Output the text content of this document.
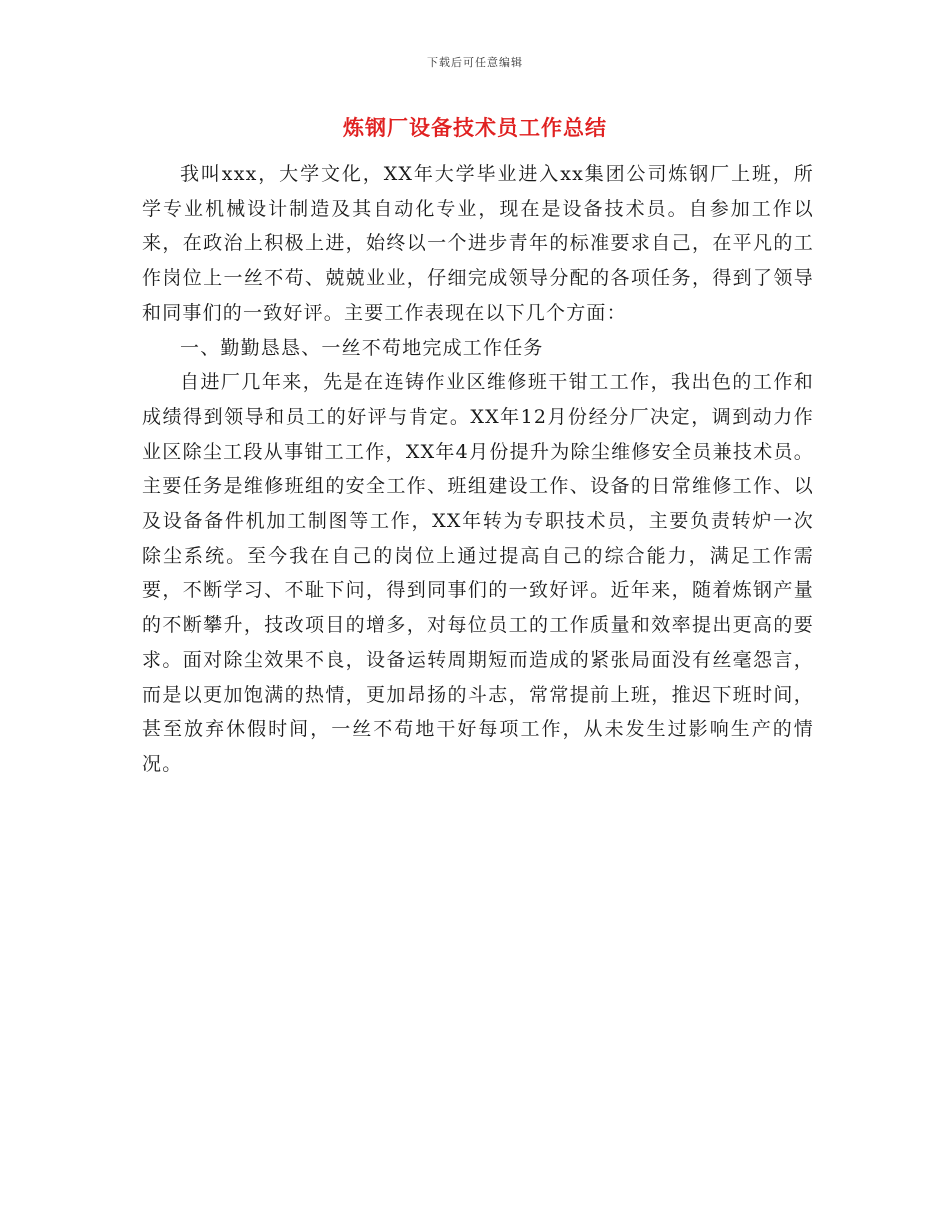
下载后可任意编辑
炼钢厂设备技术员工作总结

我叫xxx，大学文化，XX年大学毕业进入xx集团公司炼钢厂上班，所学专业机械设计制造及其自动化专业，现在是设备技术员。自参加工作以来，在政治上积极上进，始终以一个进步青年的标准要求自己，在平凡的工作岗位上一丝不苟、兢兢业业，仔细完成领导分配的各项任务，得到了领导和同事们的一致好评。主要工作表现在以下几个方面：

一、勤勤恳恳、一丝不苟地完成工作任务

自进厂几年来，先是在连铸作业区维修班干钳工工作，我出色的工作和成绩得到领导和员工的好评与肯定。XX年12月份经分厂决定，调到动力作业区除尘工段从事钳工工作，XX年4月份提升为除尘维修安全员兼技术员。主要任务是维修班组的安全工作、班组建设工作、设备的日常维修工作、以及设备备件机加工制图等工作，XX年转为专职技术员，主要负责转炉一次除尘系统。至今我在自己的岗位上通过提高自己的综合能力，满足工作需要，不断学习、不耻下问，得到同事们的一致好评。近年来，随着炼钢产量的不断攀升，技改项目的增多，对每位员工的工作质量和效率提出更高的要求。面对除尘效果不良，设备运转周期短而造成的紧张局面没有丝毫怨言，而是以更加饱满的热情，更加昂扬的斗志，常常提前上班，推迟下班时间，甚至放弃休假时间，一丝不苟地干好每项工作，从未发生过影响生产的情况。
